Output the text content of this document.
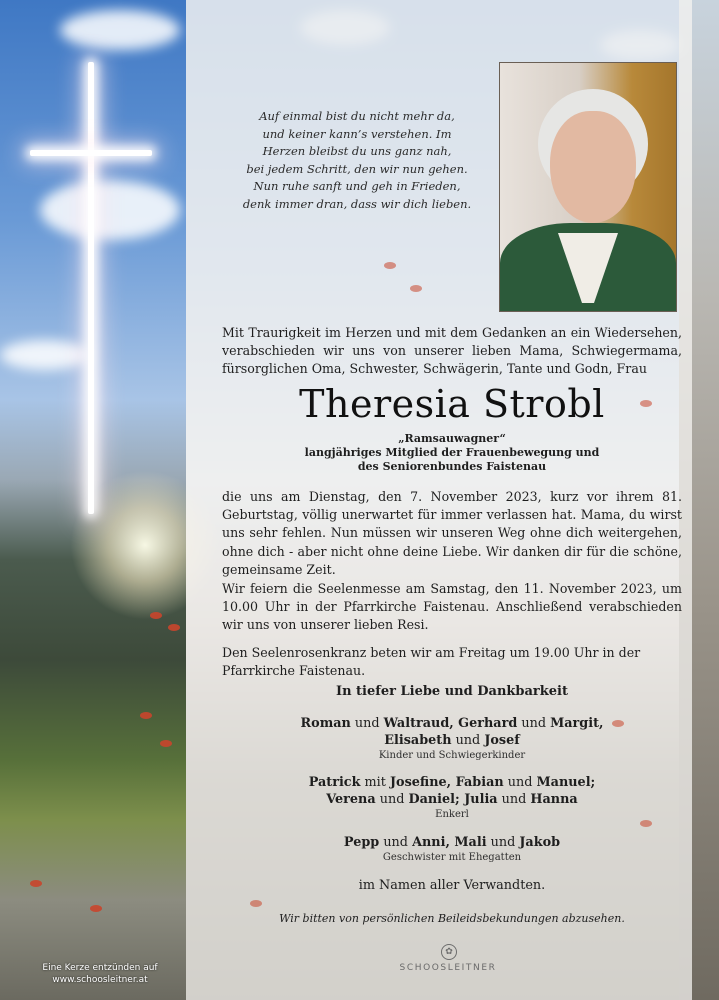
Auf einmal bist du nicht mehr da,
und keiner kann’s verstehen. Im
Herzen bleibst du uns ganz nah,
bei jedem Schritt, den wir nun gehen.
Nun ruhe sanft und geh in Frieden,
denk immer dran, dass wir dich lieben.
Mit Traurigkeit im Herzen und mit dem Gedanken an ein Wiedersehen, verabschieden wir uns von unserer lieben Mama, Schwiegermama, fürsorglichen Oma, Schwester, Schwägerin, Tante und Godn, Frau
Theresia Strobl
„Ramsauwagner“
langjähriges Mitglied der Frauenbewegung und
des Seniorenbundes Faistenau
die uns am Dienstag, den 7. November 2023, kurz vor ihrem 81. Geburtstag, völlig unerwartet für immer verlassen hat. Mama, du wirst uns sehr fehlen. Nun müssen wir unseren Weg ohne dich weitergehen, ohne dich - aber nicht ohne deine Liebe. Wir danken dir für die schöne, gemeinsame Zeit.
Wir feiern die Seelenmesse am Samstag, den 11. November 2023, um 10.00 Uhr in der Pfarrkirche Faistenau. Anschließend verabschieden wir uns von unserer lieben Resi.
Den Seelenrosenkranz beten wir am Freitag um 19.00 Uhr in der Pfarrkirche Faistenau.
In tiefer Liebe und Dankbarkeit
Roman und Waltraud, Gerhard und Margit,
Elisabeth und Josef
Kinder und Schwiegerkinder
Patrick mit Josefine, Fabian und Manuel;
Verena und Daniel; Julia und Hanna
Enkerl
Pepp und Anni, Mali und Jakob
Geschwister mit Ehegatten
im Namen aller Verwandten.
Wir bitten von persönlichen Beileidsbekundungen abzusehen.
Eine Kerze entzünden auf
www.schoosleitner.at
✿
SCHOOSLEITNER
